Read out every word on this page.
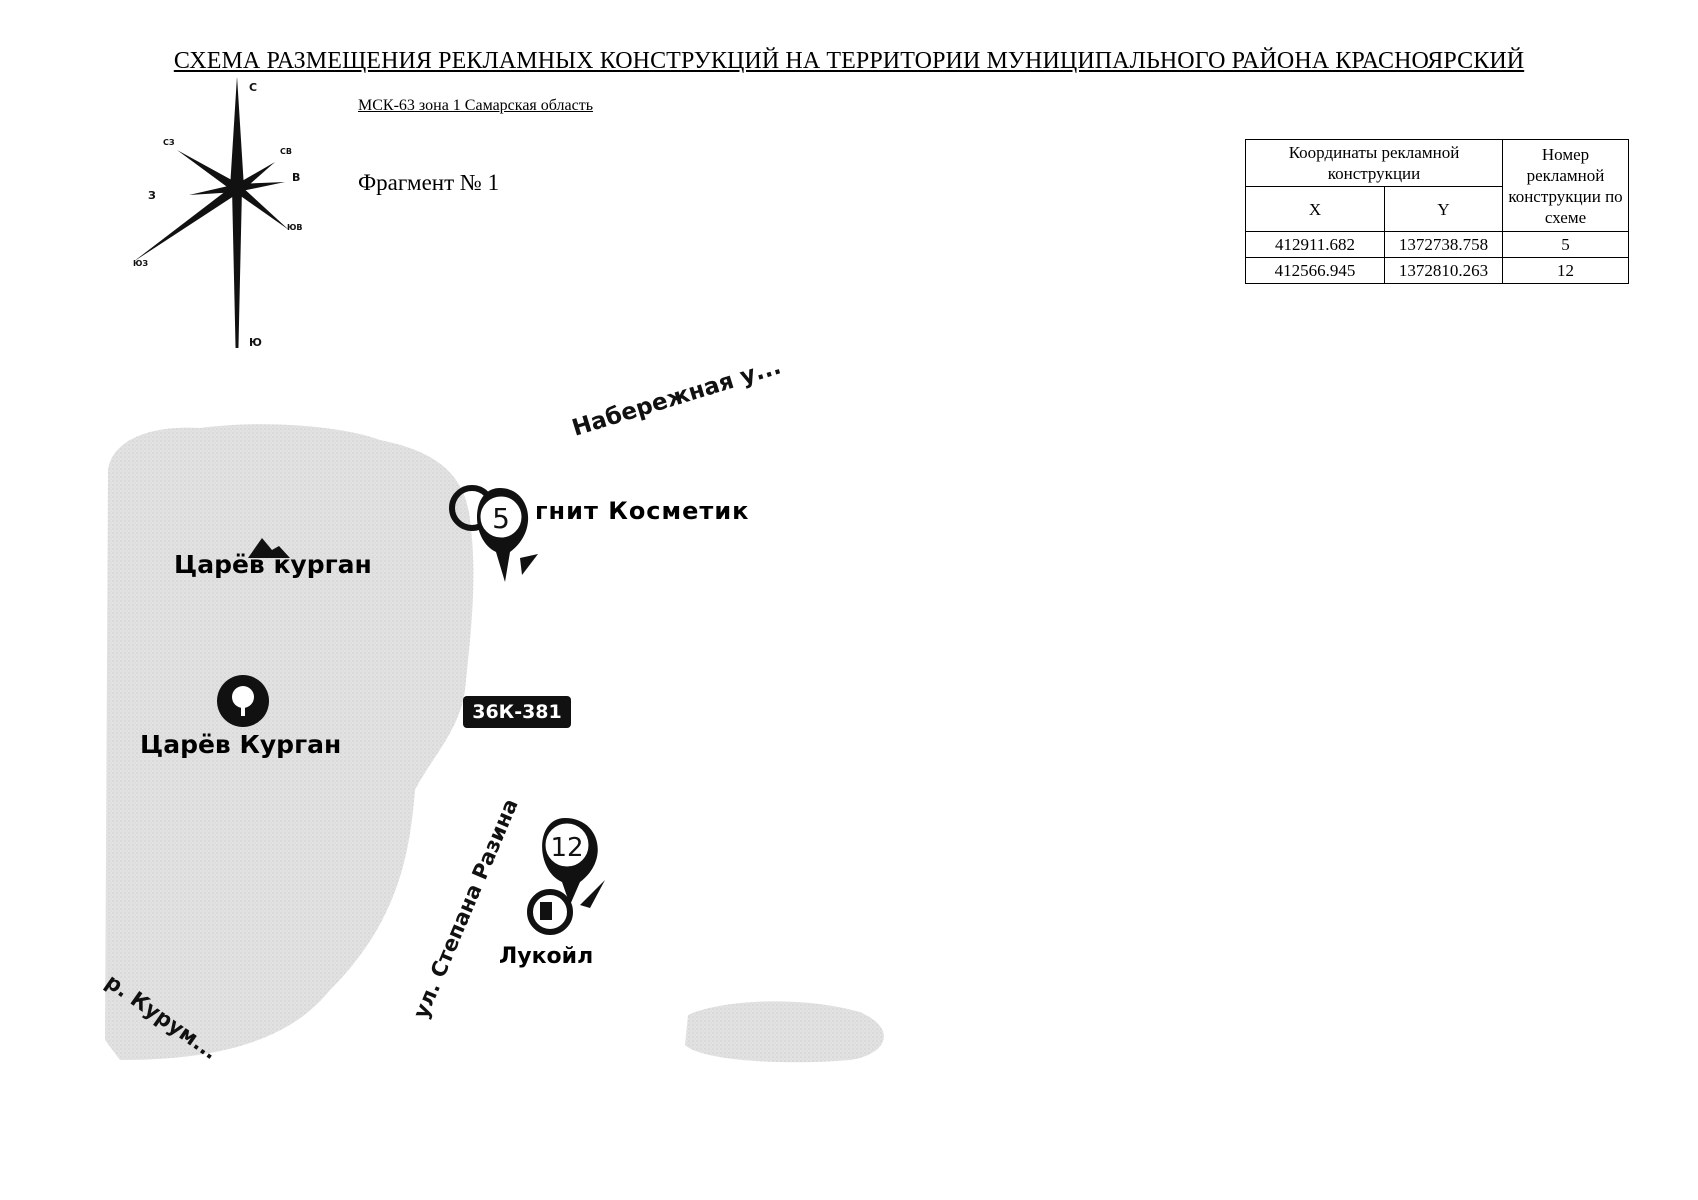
СХЕМА РАЗМЕЩЕНИЯ РЕКЛАМНЫХ КОНСТРУКЦИЙ НА ТЕРРИТОРИИ МУНИЦИПАЛЬНОГО РАЙОНА КРАСНОЯРСКИЙ
МСК-63 зона 1 Самарская область
Фрагмент № 1
С
Ю
В
З
СВ
СЗ
ЮВ
ЮЗ
Координаты рекламной конструкции		Номер рекламной конструкции по схеме
X	Y	
412911.682	1372738.758	5
412566.945	1372810.263	12
5
12
Набережная у...
ул. Степана Разина
р. Курум...
гнит Косметик
Царёв курган
Царёв Курган
36К-381
Лукойл
